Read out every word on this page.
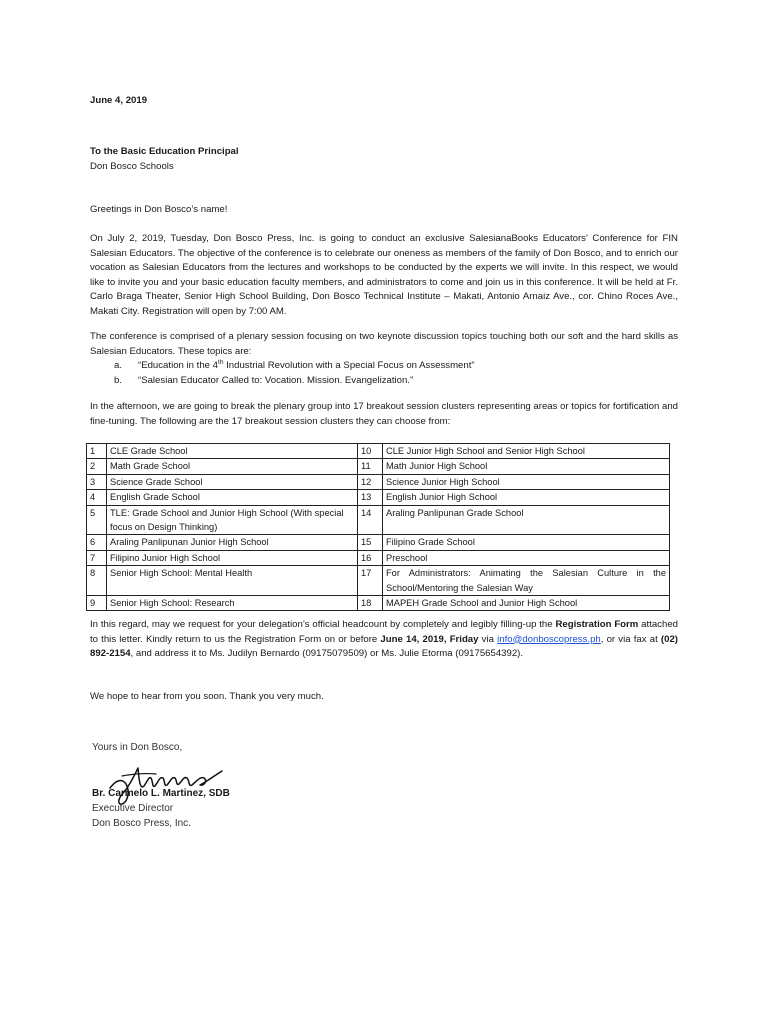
June 4, 2019
To the Basic Education Principal
Don Bosco Schools
Greetings in Don Bosco’s name!
On July 2, 2019, Tuesday, Don Bosco Press, Inc. is going to conduct an exclusive SalesianaBooks Educators’ Conference for FIN Salesian Educators. The objective of the conference is to celebrate our oneness as members of the family of Don Bosco, and to enrich our vocation as Salesian Educators from the lectures and workshops to be conducted by the experts we will invite. In this respect, we would like to invite you and your basic education faculty members, and administrators to come and join us in this conference. It will be held at Fr. Carlo Braga Theater, Senior High School Building, Don Bosco Technical Institute – Makati, Antonio Arnaiz Ave., cor. Chino Roces Ave., Makati City. Registration will open by 7:00 AM.
The conference is comprised of a plenary session focusing on two keynote discussion topics touching both our soft and the hard skills as Salesian Educators. These topics are:
a.	“Education in the 4th Industrial Revolution with a Special Focus on Assessment”
b.	“Salesian Educator Called to: Vocation. Mission. Evangelization.”
In the afternoon, we are going to break the plenary group into 17 breakout session clusters representing areas or topics for fortification and fine-tuning. The following are the 17 breakout session clusters they can choose from:
1	CLE Grade School	10	CLE Junior High School and Senior High School
2	Math Grade School	11	Math Junior High School
3	Science Grade School	12	Science Junior High School
4	English Grade School	13	English Junior High School
5	TLE: Grade School and Junior High School (With special focus on Design Thinking)	14	Araling Panlipunan Grade School
6	Araling Panlipunan Junior High School	15	Filipino Grade School
7	Filipino Junior High School	16	Preschool
8	Senior High School: Mental Health	17	For Administrators: Animating the Salesian Culture in the School/Mentoring the Salesian Way
9	Senior High School: Research	18	MAPEH Grade School and Junior High School
In this regard, may we request for your delegation’s official headcount by completely and legibly filling-up the Registration Form attached to this letter. Kindly return to us the Registration Form on or before June 14, 2019, Friday via info@donboscopress.ph, or via fax at (02) 892-2154, and address it to Ms. Judilyn Bernardo (09175079509) or Ms. Julie Etorma (09175654392).
We hope to hear from you soon. Thank you very much.
Yours in Don Bosco,
Br. Carmelo L. Martinez, SDB
Executive Director
Don Bosco Press, Inc.
